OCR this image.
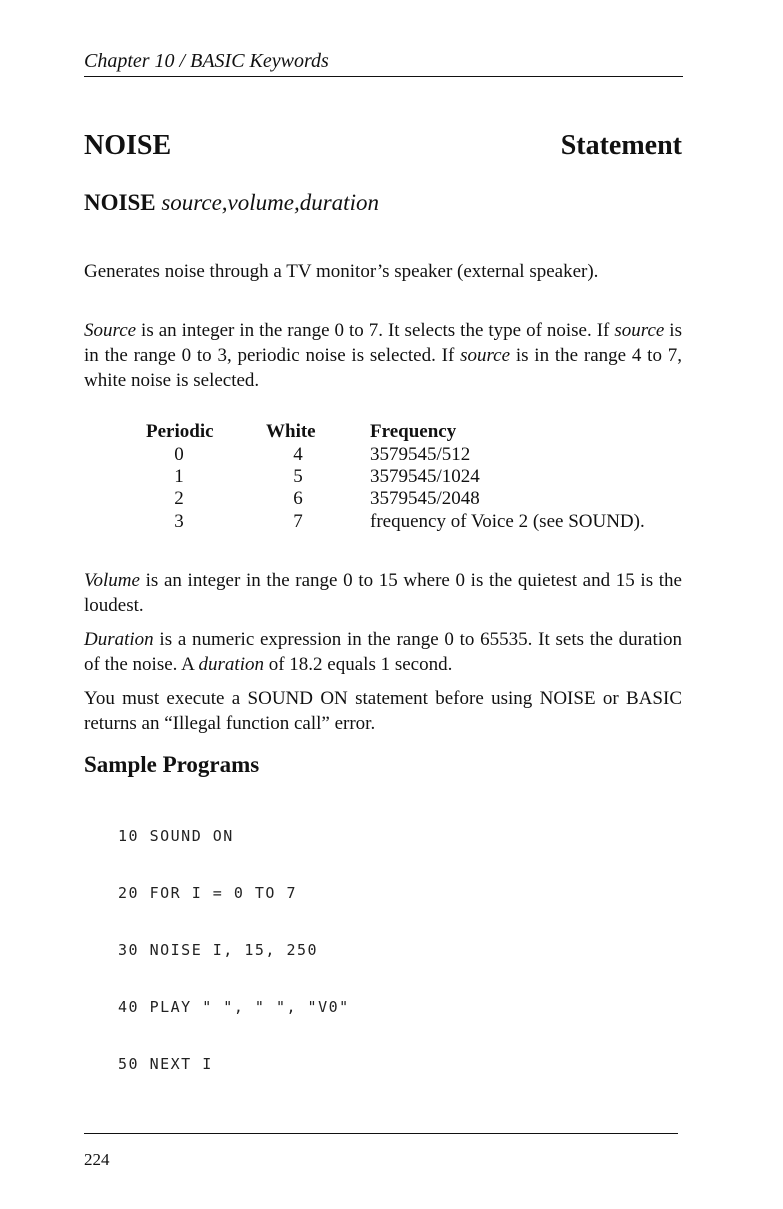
Chapter 10 / BASIC Keywords
NOISE	Statement
NOISE source,volume,duration
Generates noise through a TV monitor’s speaker (external speaker).
Source is an integer in the range 0 to 7. It selects the type of noise. If source is in the range 0 to 3, periodic noise is selected. If source is in the range 4 to 7, white noise is selected.
Periodic	White	Frequency
0	4	3579545/512
1	5	3579545/1024
2	6	3579545/2048
3	7	frequency of Voice 2 (see SOUND).
Volume is an integer in the range 0 to 15 where 0 is the quietest and 15 is the loudest.
Duration is a numeric expression in the range 0 to 65535. It sets the duration of the noise. A duration of 18.2 equals 1 second.
You must execute a SOUND ON statement before using NOISE or BASIC returns an “Illegal function call” error.
Sample Programs

10 SOUND ON

20 FOR I = 0 TO 7

30 NOISE I, 15, 250

40 PLAY " ", " ", "V0"

50 NEXT I

224
